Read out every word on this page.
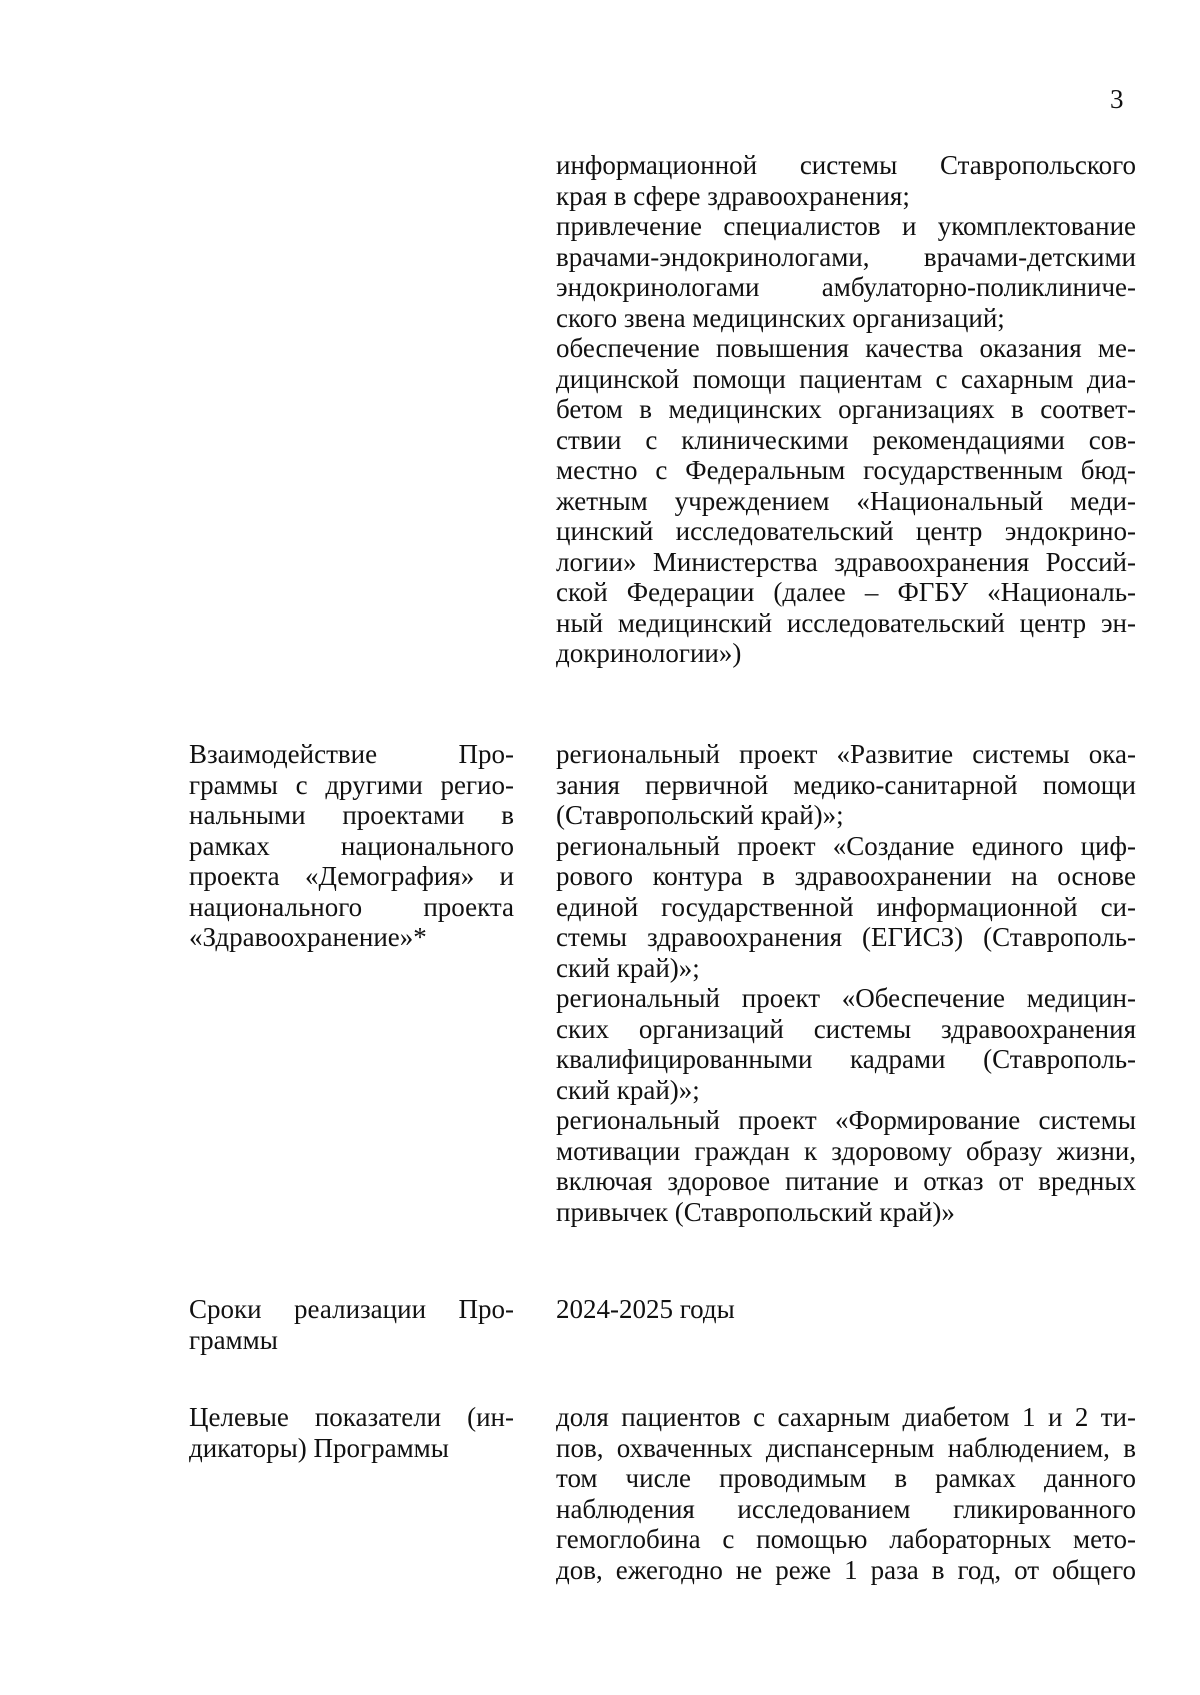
3
информационной системы Ставропольского
края в сфере здравоохранения;
привлечение специалистов и укомплектование
врачами-эндокринологами, врачами-детскими
эндокринологами амбулаторно-поликлиниче-
ского звена медицинских организаций;
обеспечение повышения качества оказания ме-
дицинской помощи пациентам с сахарным диа-
бетом в медицинских организациях в соответ-
ствии с клиническими рекомендациями сов-
местно с Федеральным государственным бюд-
жетным учреждением «Национальный меди-
цинский исследовательский центр эндокрино-
логии» Министерства здравоохранения Россий-
ской Федерации (далее – ФГБУ «Националь-
ный медицинский исследовательский центр эн-
докринологии»)
Взаимодействие Про-
граммы с другими регио-
нальными проектами в
рамках национального
проекта «Демография» и
национального проекта
«Здравоохранение»*
региональный проект «Развитие системы ока-
зания первичной медико-санитарной помощи
(Ставропольский край)»;
региональный проект «Создание единого циф-
рового контура в здравоохранении на основе
единой государственной информационной си-
стемы здравоохранения (ЕГИСЗ) (Ставрополь-
ский край)»;
региональный проект «Обеспечение медицин-
ских организаций системы здравоохранения
квалифицированными кадрами (Ставрополь-
ский край)»;
региональный проект «Формирование системы
мотивации граждан к здоровому образу жизни,
включая здоровое питание и отказ от вредных
привычек (Ставропольский край)»
Сроки реализации Про-
граммы
2024-2025 годы
Целевые показатели (ин-
дикаторы) Программы
доля пациентов с сахарным диабетом 1 и 2 ти-
пов, охваченных диспансерным наблюдением, в
том числе проводимым в рамках данного
наблюдения исследованием гликированного
гемоглобина с помощью лабораторных мето-
дов, ежегодно не реже 1 раза в год, от общего
